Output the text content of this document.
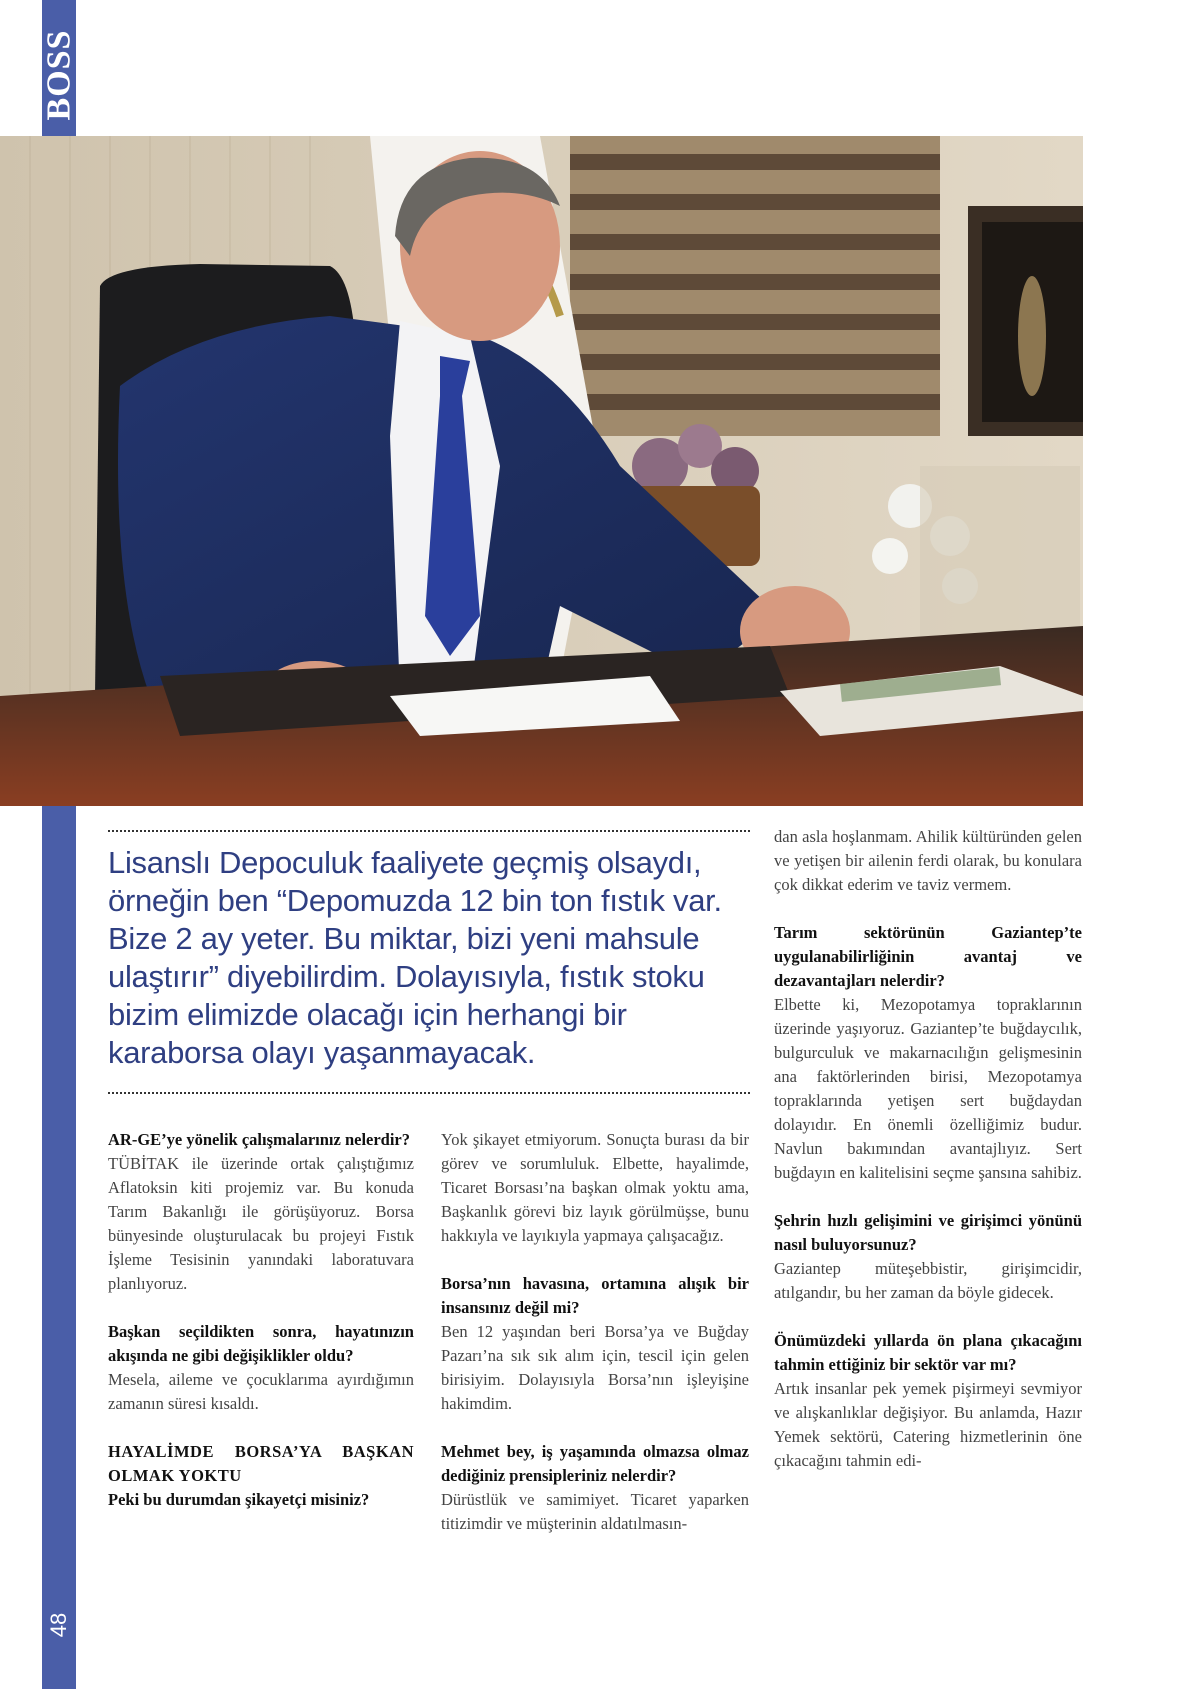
BOSS
48
Lisanslı Depoculuk faaliyete geçmiş olsaydı, örneğin ben “Depomuzda 12 bin ton fıstık var. Bize 2 ay yeter. Bu miktar, bizi yeni mahsule ulaştırır” diyebilirdim. Dolayısıyla, fıstık stoku bizim elimizde olacağı için herhangi bir karaborsa olayı yaşanmayacak.

AR-GE’ye yönelik çalışmalarınız nelerdir?

TÜBİTAK ile üzerinde ortak çalıştığımız Aflatoksin kiti projemiz var. Bu konuda Tarım Bakanlığı ile görüşüyoruz. Borsa bünyesinde oluşturulacak bu projeyi Fıstık İşleme Tesisinin yanındaki laboratuvara planlıyoruz.

Başkan seçildikten sonra, hayatınızın akışında ne gibi değişiklikler oldu?

Mesela, aileme ve çocuklarıma ayırdığımın zamanın süresi kısaldı.

HAYALİMDE BORSA’YA BAŞKAN OLMAK YOKTU

Peki bu durumdan şikayetçi misiniz?

Yok şikayet etmiyorum. Sonuçta burası da bir görev ve sorumluluk. Elbette, hayalimde, Ticaret Borsası’na başkan olmak yoktu ama, Başkanlık görevi biz layık görülmüşse, bunu hakkıyla ve layıkıyla yapmaya çalışacağız.

Borsa’nın havasına, ortamına alışık bir insansınız değil mi?

Ben 12 yaşından beri Borsa’ya ve Buğday Pazarı’na sık sık alım için, tescil için gelen birisiyim. Dolayısıyla Borsa’nın işleyişine hakimdim.

Mehmet bey, iş yaşamında olmazsa olmaz dediğiniz prensipleriniz nelerdir?

Dürüstlük ve samimiyet. Ticaret yaparken titizimdir ve müşterinin aldatılmasın-

dan asla hoşlanmam. Ahilik kültüründen gelen ve yetişen bir ailenin ferdi olarak, bu konulara çok dikkat ederim ve taviz vermem.

Tarım sektörünün Gaziantep’te uygulanabilirliğinin avantaj ve dezavantajları nelerdir?

Elbette ki, Mezopotamya topraklarının üzerinde yaşıyoruz. Gaziantep’te buğdaycılık, bulgurculuk ve makarnacılığın gelişmesinin ana faktörlerinden birisi, Mezopotamya topraklarında yetişen sert buğdaydan dolayıdır. En önemli özelliğimiz budur. Navlun bakımından avantajlıyız. Sert buğdayın en kalitelisini seçme şansına sahibiz.

Şehrin hızlı gelişimini ve girişimci yönünü nasıl buluyorsunuz?

Gaziantep müteşebbistir, girişimcidir, atılgandır, bu her zaman da böyle gidecek.

Önümüzdeki yıllarda ön plana çıkacağını tahmin ettiğiniz bir sektör var mı?

Artık insanlar pek yemek pişirmeyi sevmiyor ve alışkanlıklar değişiyor. Bu anlamda, Hazır Yemek sektörü, Catering hizmetlerinin öne çıkacağını tahmin edi-
